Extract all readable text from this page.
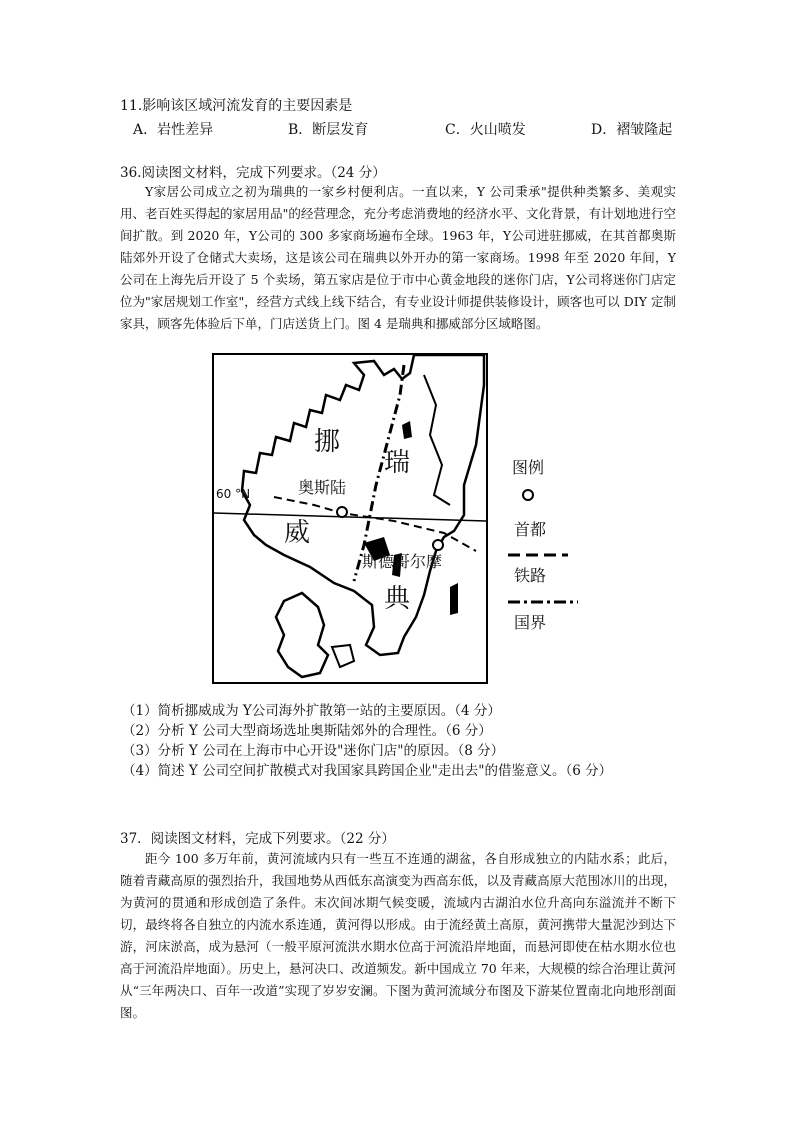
11.影响该区域河流发育的主要因素是
A．岩性差异	B．断层发育	C．火山喷发	D．褶皱隆起
36.阅读图文材料，完成下列要求。（24 分）
Y家居公司成立之初为瑞典的一家乡村便利店。一直以来，Y 公司秉承"提供种类繁多、美观实用、老百姓买得起的家居用品"的经营理念，充分考虑消费地的经济水平、文化背景，有计划地进行空间扩散。到 2020 年，Y公司的 300 多家商场遍布全球。1963 年，Y公司进驻挪威，在其首都奥斯陆郊外开设了仓储式大卖场，这是该公司在瑞典以外开办的第一家商场。1998 年至 2020 年间，Y公司在上海先后开设了 5 个卖场，第五家店是位于市中心黄金地段的迷你门店，Y公司将迷你门店定位为"家居规划工作室"，经营方式线上线下结合，有专业设计师提供装修设计，顾客也可以 DIY 定制家具，顾客先体验后下单，门店送货上门。图 4 是瑞典和挪威部分区域略图。
挪
威
瑞
典
奥斯陆
斯德哥尔摩
60 °N
图例
首都
铁路
国界
（1）简析挪威成为 Y公司海外扩散第一站的主要原因。（4 分）
（2）分析 Y 公司大型商场选址奥斯陆郊外的合理性。（6 分）
（3）分析 Y 公司在上海市中心开设"迷你门店"的原因。（8 分）
（4）简述 Y 公司空间扩散模式对我国家具跨国企业"走出去"的借鉴意义。（6 分）
37．阅读图文材料，完成下列要求。（22 分）
距今 100 多万年前，黄河流域内只有一些互不连通的湖盆，各自形成独立的内陆水系；此后，随着青藏高原的强烈抬升，我国地势从西低东高演变为西高东低，以及青藏高原大范围冰川的出现，为黄河的贯通和形成创造了条件。末次间冰期气候变暖，流域内古湖泊水位升高向东溢流并不断下切，最终将各自独立的内流水系连通，黄河得以形成。由于流经黄土高原，黄河携带大量泥沙到达下游，河床淤高，成为悬河（一般平原河流洪水期水位高于河流沿岸地面，而悬河即使在枯水期水位也高于河流沿岸地面）。历史上，悬河决口、改道频发。新中国成立 70 年来，大规模的综合治理让黄河从“三年两决口、百年一改道”实现了岁岁安澜。下图为黄河流域分布图及下游某位置南北向地形剖面图。
